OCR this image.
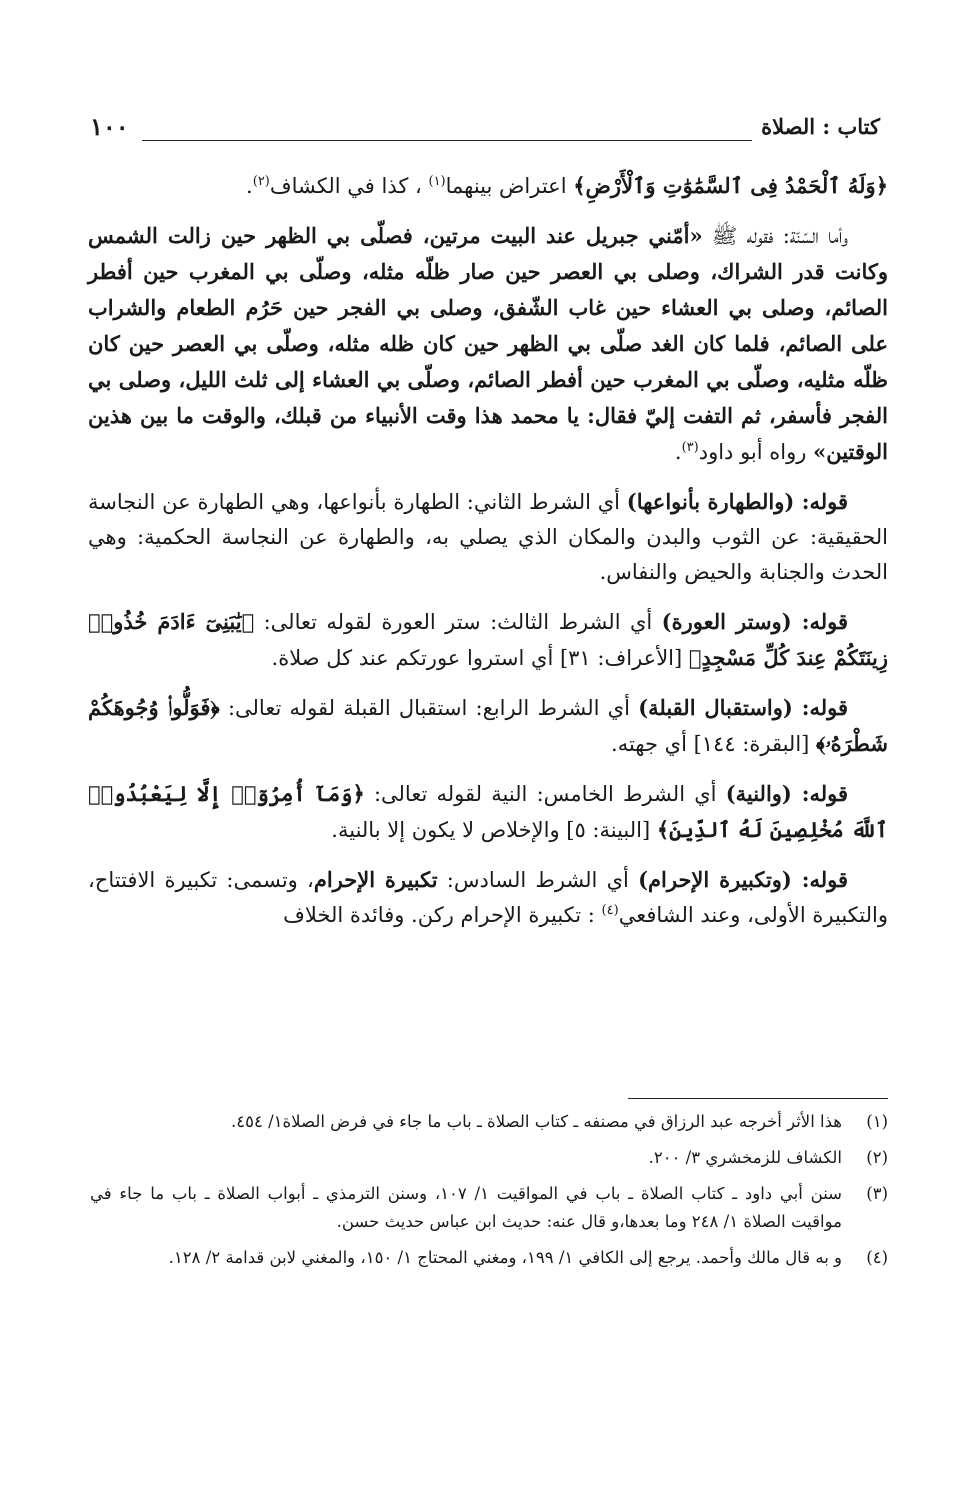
١٠٠	كتاب : الصلاة

﴿وَلَهُ ٱلْحَمْدُ فِى ٱلسَّمَٰوَٰتِ وَٱلْأَرْضِ﴾ اعتراض بينهما$^{(١)}$ ، كذا في الكشاف$^{(٢)}$.

وأما السّنّة: فقوله ﷺ «أمّني جبريل عند البيت مرتين، فصلّى بي الظهر حين زالت الشمس وكانت قدر الشراك، وصلى بي العصر حين صار ظلّه مثله، وصلّى بي المغرب حين أفطر الصائم، وصلى بي العشاء حين غاب الشّفق، وصلى بي الفجر حين حَرُم الطعام والشراب على الصائم، فلما كان الغد صلّى بي الظهر حين كان ظله مثله، وصلّى بي العصر حين كان ظلّه مثليه، وصلّى بي المغرب حين أفطر الصائم، وصلّى بي العشاء إلى ثلث الليل، وصلى بي الفجر فأسفر، ثم التفت إليّ فقال: يا محمد هذا وقت الأنبياء من قبلك، والوقت ما بين هذين الوقتين» رواه أبو داود$^{(٣)}$.

قوله: (والطهارة بأنواعها) أي الشرط الثاني: الطهارة بأنواعها، وهي الطهارة عن النجاسة الحقيقية: عن الثوب والبدن والمكان الذي يصلي به، والطهارة عن النجاسة الحكمية: وهي الحدث والجنابة والحيض والنفاس.

قوله: (وستر العورة) أي الشرط الثالث: ستر العورة لقوله تعالى: ﴿يَٰبَنِىٓ ءَادَمَ خُذُوا۟ زِينَتَكُمْ عِندَ كُلِّ مَسْجِدٍ﴾ [الأعراف: ٣١] أي استروا عورتكم عند كل صلاة.

قوله: (واستقبال القبلة) أي الشرط الرابع: استقبال القبلة لقوله تعالى: ﴿فَوَلُّوا۟ وُجُوهَكُمْ شَطْرَهُۥ﴾ [البقرة: ١٤٤] أي جهته.

قوله: (والنية) أي الشرط الخامس: النية لقوله تعالى: ﴿وَمَآ أُمِرُوٓا۟ إِلَّا لِيَعْبُدُوا۟ ٱللَّهَ مُخْلِصِينَ لَهُ ٱلدِّينَ﴾ [البينة: ٥] والإخلاص لا يكون إلا بالنية.

قوله: (وتكبيرة الإحرام) أي الشرط السادس: تكبيرة الإحرام، وتسمى: تكبيرة الافتتاح، والتكبيرة الأولى، وعند الشافعي$^{(٤)}$ : تكبيرة الإحرام ركن. وفائدة الخلاف

(١)
هذا الأثر أخرجه عبد الرزاق في مصنفه ـ كتاب الصلاة ـ باب ما جاء في فرض الصلاة١/ ٤٥٤.
(٢)
الكشاف للزمخشري ٣/ ٢٠٠.
(٣)
سنن أبي داود ـ كتاب الصلاة ـ باب في المواقيت ١/ ١٠٧، وسنن الترمذي ـ أبواب الصلاة ـ باب ما جاء في مواقيت الصلاة ١/ ٢٤٨ وما بعدها،و قال عنه: حديث ابن عباس حديث حسن.
(٤)
و به قال مالك وأحمد. يرجع إلى الكافي ١/ ١٩٩، ومغني المحتاج ١/ ١٥٠، والمغني لابن قدامة ٢/ ١٢٨.
